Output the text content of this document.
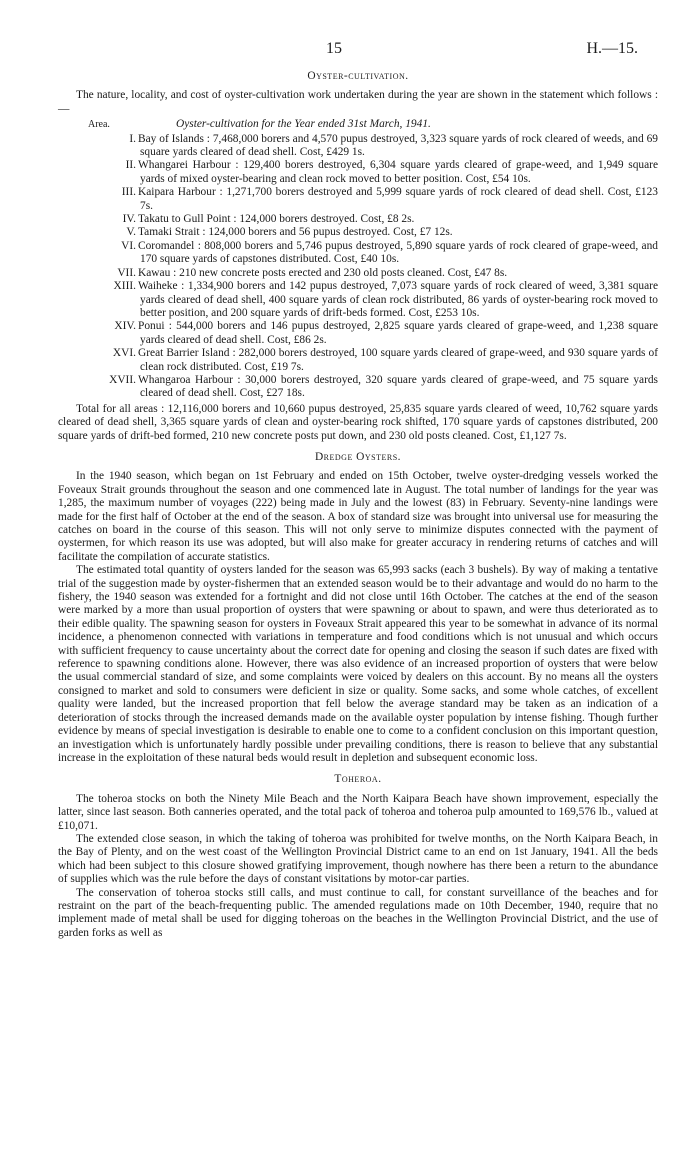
15	H.—15.
Oyster-cultivation.

The nature, locality, and cost of oyster-cultivation work undertaken during the year are shown in the statement which follows :—

Area.	Oyster-cultivation for the Year ended 31st March, 1941.
I. Bay of Islands : 7,468,000 borers and 4,570 pupus destroyed, 3,323 square yards of rock cleared of weeds, and 69 square yards cleared of dead shell. Cost, £429 1s.
II. Whangarei Harbour : 129,400 borers destroyed, 6,304 square yards cleared of grape-weed, and 1,949 square yards of mixed oyster-bearing and clean rock moved to better position. Cost, £54 10s.
III. Kaipara Harbour : 1,271,700 borers destroyed and 5,999 square yards of rock cleared of dead shell. Cost, £123 7s.
IV. Takatu to Gull Point : 124,000 borers destroyed. Cost, £8 2s.
V. Tamaki Strait : 124,000 borers and 56 pupus destroyed. Cost, £7 12s.
VI. Coromandel : 808,000 borers and 5,746 pupus destroyed, 5,890 square yards of rock cleared of grape-weed, and 170 square yards of capstones distributed. Cost, £40 10s.
VII. Kawau : 210 new concrete posts erected and 230 old posts cleaned. Cost, £47 8s.
XIII. Waiheke : 1,334,900 borers and 142 pupus destroyed, 7,073 square yards of rock cleared of weed, 3,381 square yards cleared of dead shell, 400 square yards of clean rock distributed, 86 yards of oyster-bearing rock moved to better position, and 200 square yards of drift-beds formed. Cost, £253 10s.
XIV. Ponui : 544,000 borers and 146 pupus destroyed, 2,825 square yards cleared of grape-weed, and 1,238 square yards cleared of dead shell. Cost, £86 2s.
XVI. Great Barrier Island : 282,000 borers destroyed, 100 square yards cleared of grape-weed, and 930 square yards of clean rock distributed. Cost, £19 7s.
XVII. Whangaroa Harbour : 30,000 borers destroyed, 320 square yards cleared of grape-weed, and 75 square yards cleared of dead shell. Cost, £27 18s.

Total for all areas : 12,116,000 borers and 10,660 pupus destroyed, 25,835 square yards cleared of weed, 10,762 square yards cleared of dead shell, 3,365 square yards of clean and oyster-bearing rock shifted, 170 square yards of capstones distributed, 200 square yards of drift-bed formed, 210 new concrete posts put down, and 230 old posts cleaned. Cost, £1,127 7s.

Dredge Oysters.

In the 1940 season, which began on 1st February and ended on 15th October, twelve oyster-dredging vessels worked the Foveaux Strait grounds throughout the season and one commenced late in August. The total number of landings for the year was 1,285, the maximum number of voyages (222) being made in July and the lowest (83) in February. Seventy-nine landings were made for the first half of October at the end of the season. A box of standard size was brought into universal use for measuring the catches on board in the course of this season. This will not only serve to minimize disputes connected with the payment of oystermen, for which reason its use was adopted, but will also make for greater accuracy in rendering returns of catches and will facilitate the compilation of accurate statistics.

The estimated total quantity of oysters landed for the season was 65,993 sacks (each 3 bushels). By way of making a tentative trial of the suggestion made by oyster-fishermen that an extended season would be to their advantage and would do no harm to the fishery, the 1940 season was extended for a fortnight and did not close until 16th October. The catches at the end of the season were marked by a more than usual proportion of oysters that were spawning or about to spawn, and were thus deteriorated as to their edible quality. The spawning season for oysters in Foveaux Strait appeared this year to be somewhat in advance of its normal incidence, a phenomenon connected with variations in temperature and food conditions which is not unusual and which occurs with sufficient frequency to cause uncertainty about the correct date for opening and closing the season if such dates are fixed with reference to spawning conditions alone. However, there was also evidence of an increased proportion of oysters that were below the usual commercial standard of size, and some complaints were voiced by dealers on this account. By no means all the oysters consigned to market and sold to consumers were deficient in size or quality. Some sacks, and some whole catches, of excellent quality were landed, but the increased proportion that fell below the average standard may be taken as an indication of a deterioration of stocks through the increased demands made on the available oyster population by intense fishing. Though further evidence by means of special investigation is desirable to enable one to come to a confident conclusion on this important question, an investigation which is unfortunately hardly possible under prevailing conditions, there is reason to believe that any substantial increase in the exploitation of these natural beds would result in depletion and subsequent economic loss.

Toheroa.

The toheroa stocks on both the Ninety Mile Beach and the North Kaipara Beach have shown improvement, especially the latter, since last season. Both canneries operated, and the total pack of toheroa and toheroa pulp amounted to 169,576 lb., valued at £10,071.

The extended close season, in which the taking of toheroa was prohibited for twelve months, on the North Kaipara Beach, in the Bay of Plenty, and on the west coast of the Wellington Provincial District came to an end on 1st January, 1941. All the beds which had been subject to this closure showed gratifying improvement, though nowhere has there been a return to the abundance of supplies which was the rule before the days of constant visitations by motor-car parties.

The conservation of toheroa stocks still calls, and must continue to call, for constant surveillance of the beaches and for restraint on the part of the beach-frequenting public. The amended regulations made on 10th December, 1940, require that no implement made of metal shall be used for digging toheroas on the beaches in the Wellington Provincial District, and the use of garden forks as well as
